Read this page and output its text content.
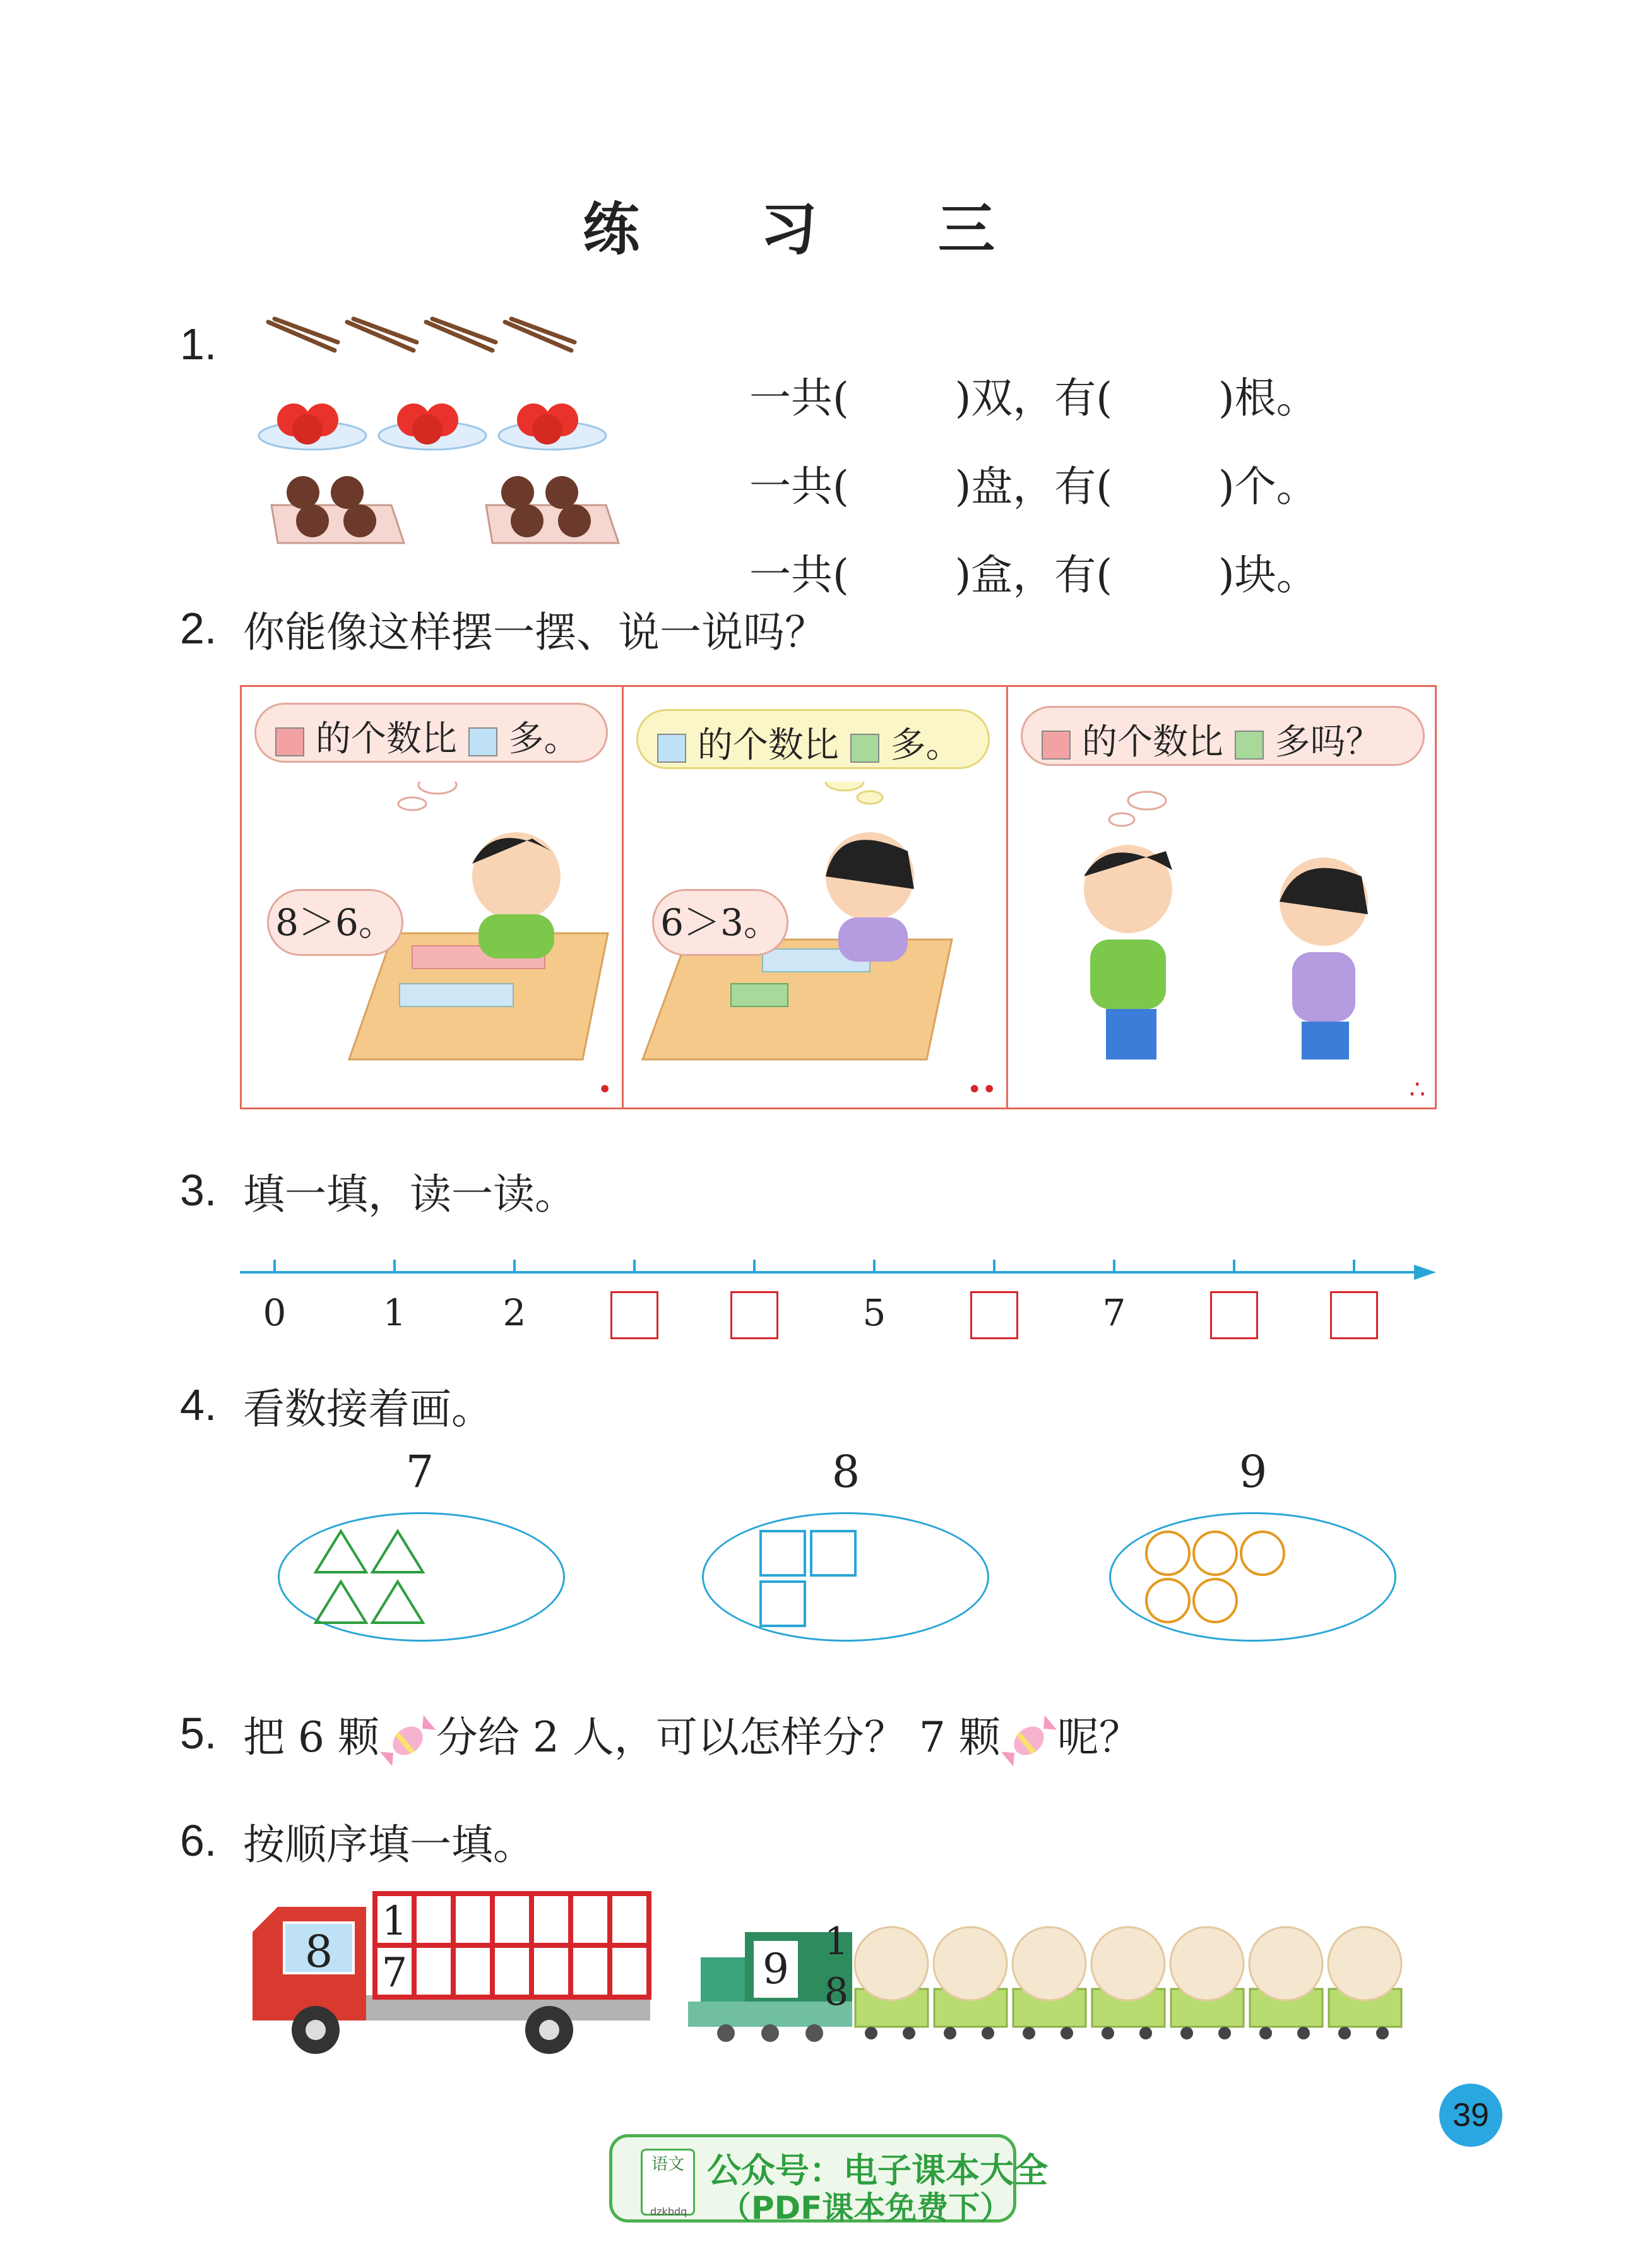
练 习 三
1.

一共(	)双，有(	)根。

一共(	)盘，有(	)个。

一共(	)盒，有(	)块。

2. 你能像这样摆一摆、说一说吗？
的个数比 多。
8＞6。
•
的个数比 多。
6＞3。
••
的个数比 多吗？
∴
3. 填一填，读一读。
0	1	2	5	7
4. 看数接着画。
7	8	9
5. 把 6 颗 分给 2 人，可以怎样分？ 7 颗 呢？
6. 按顺序填一填。
8
1
7	9
1
8
39
语文
dzkbdq
公众号：电子课本大全
（PDF课本免费下）
